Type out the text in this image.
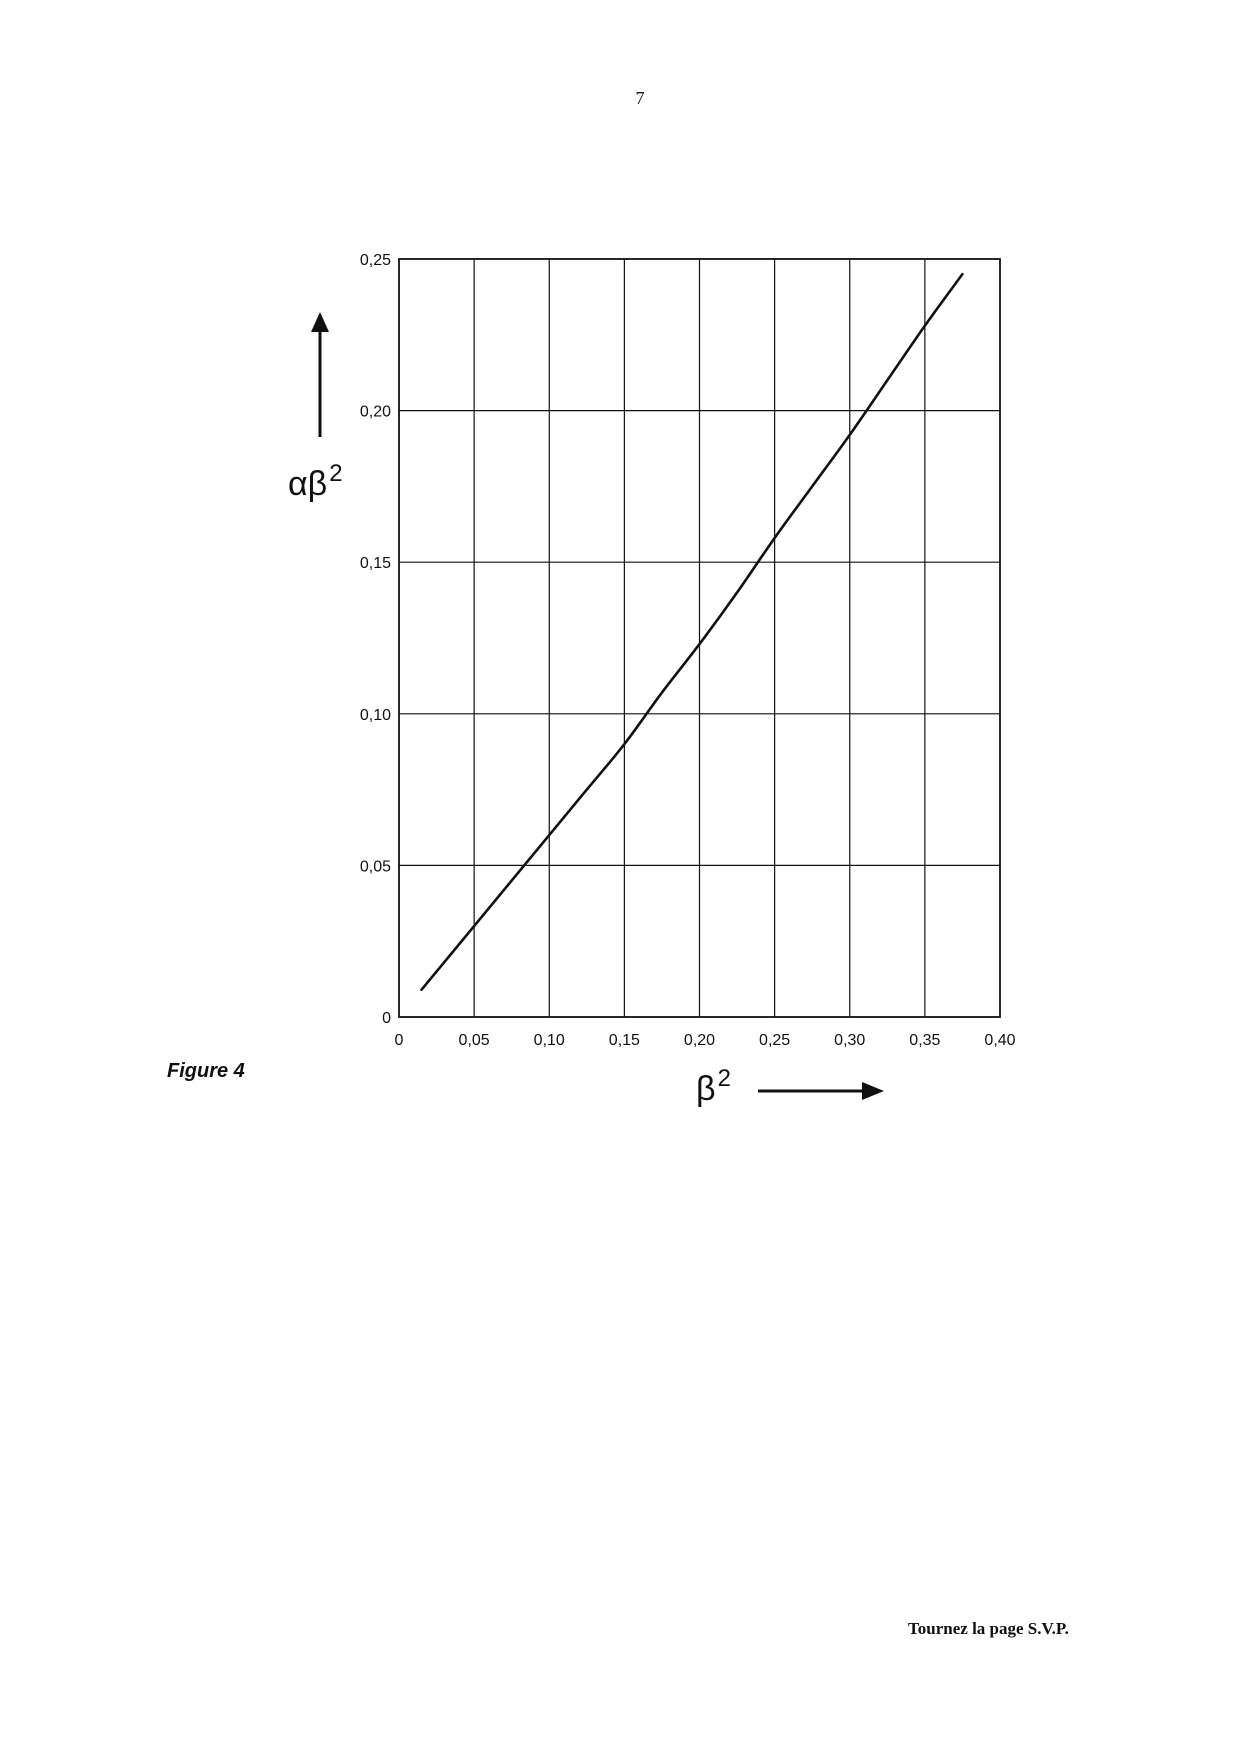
7
0	0,05	0,10	0,15	0,20	0,25	0,30	0,35	0,40
0
0,05
0,10
0,15
0,20
0,25
αβ2
β2
Figure 4
Tournez la page S.V.P.
